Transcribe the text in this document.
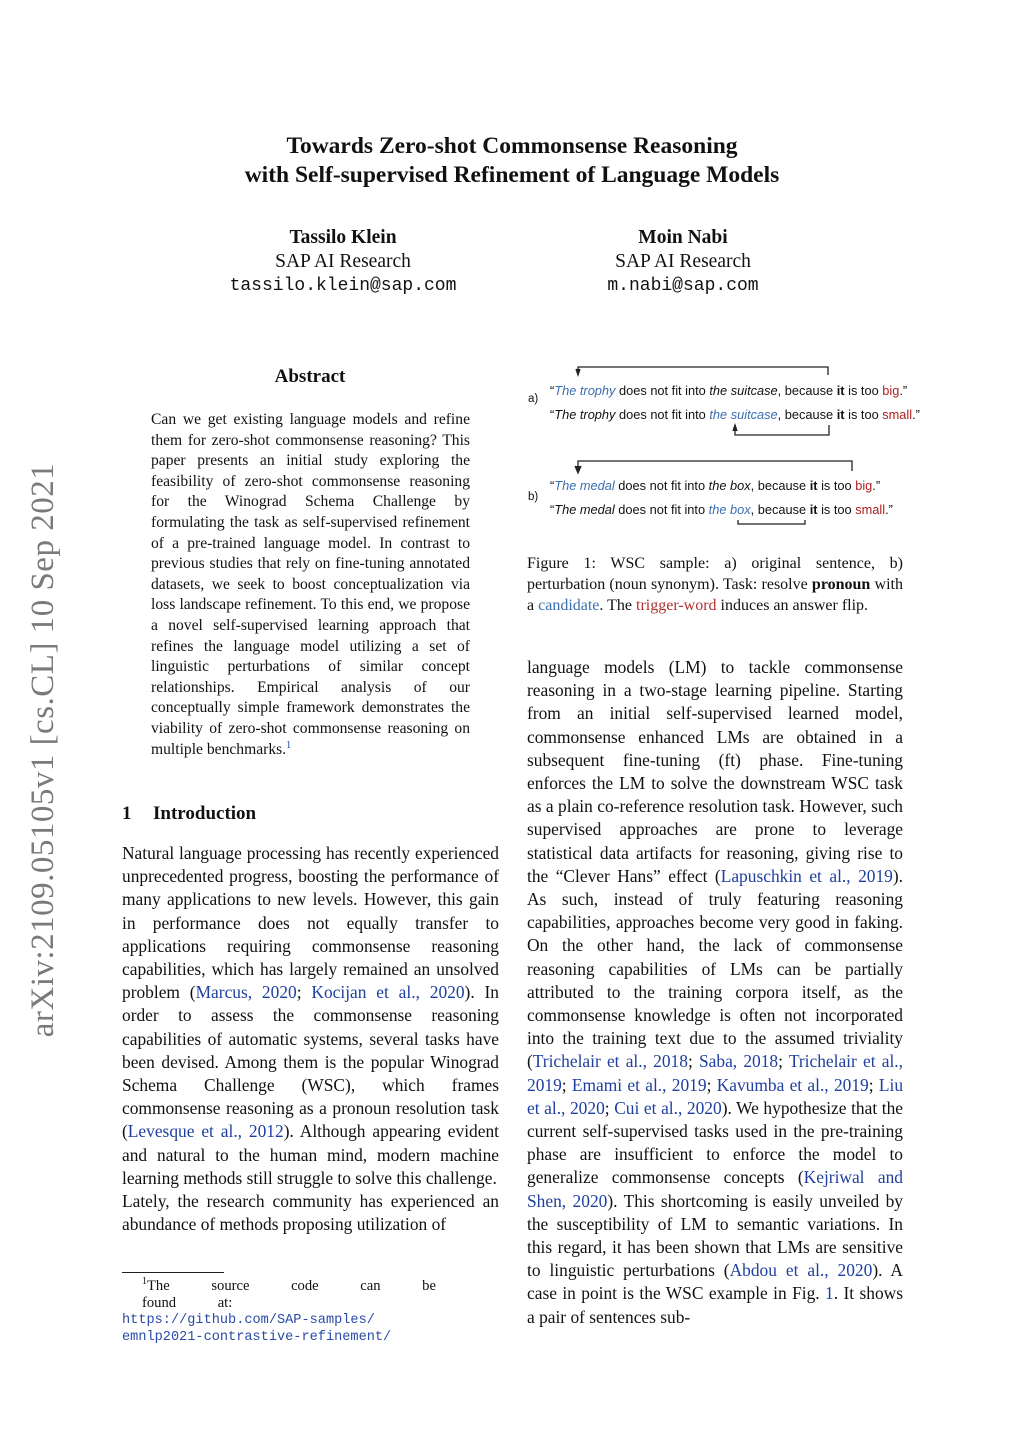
Towards Zero-shot Commonsense Reasoning
with Self-supervised Refinement of Language Models
Tassilo Klein
SAP AI Research
tassilo.klein@sap.com
Moin Nabi
SAP AI Research
m.nabi@sap.com
arXiv:2109.05105v1 [cs.CL] 10 Sep 2021
Abstract
Can we get existing language models and refine them for zero-shot commonsense reasoning? This paper presents an initial study exploring the feasibility of zero-shot commonsense reasoning for the Winograd Schema Challenge by formulating the task as self-supervised refinement of a pre-trained language model. In contrast to previous studies that rely on fine-tuning annotated datasets, we seek to boost conceptualization via loss landscape refinement. To this end, we propose a novel self-supervised learning approach that refines the language model utilizing a set of linguistic perturbations of similar concept relationships. Empirical analysis of our conceptually simple framework demonstrates the viability of zero-shot commonsense reasoning on multiple benchmarks.$^1$
1 Introduction

Natural language processing has recently experienced unprecedented progress, boosting the performance of many applications to new levels. However, this gain in performance does not equally transfer to applications requiring commonsense reasoning capabilities, which has largely remained an unsolved problem (Marcus, 2020; Kocijan et al., 2020). In order to assess the commonsense reasoning capabilities of automatic systems, several tasks have been devised. Among them is the popular Winograd Schema Challenge (WSC), which frames commonsense reasoning as a pronoun resolution task (Levesque et al., 2012). Although appearing evident and natural to the human mind, modern machine learning methods still struggle to solve this challenge.

Lately, the research community has experienced an abundance of methods proposing utilization of

$^1$The source code can be found at:
https://github.com/SAP-samples/
emnlp2021-contrastive-refinement/
a)
“The trophy does not fit into the suitcase, because it is too big.”
“The trophy does not fit into the suitcase, because it is too small.”
b)
“The medal does not fit into the box, because it is too big.”
“The medal does not fit into the box, because it is too small.”
Figure 1: WSC sample: a) original sentence, b) perturbation (noun synonym). Task: resolve pronoun with a candidate. The trigger-word induces an answer flip.

language models (LM) to tackle commonsense reasoning in a two-stage learning pipeline. Starting from an initial self-supervised learned model, commonsense enhanced LMs are obtained in a subsequent fine-tuning (ft) phase. Fine-tuning enforces the LM to solve the downstream WSC task as a plain co-reference resolution task. However, such supervised approaches are prone to leverage statistical data artifacts for reasoning, giving rise to the “Clever Hans” effect (Lapuschkin et al., 2019). As such, instead of truly featuring reasoning capabilities, approaches become very good in faking. On the other hand, the lack of commonsense reasoning capabilities of LMs can be partially attributed to the training corpora itself, as the commonsense knowledge is often not incorporated into the training text due to the assumed triviality (Trichelair et al., 2018; Saba, 2018; Trichelair et al., 2019; Emami et al., 2019; Kavumba et al., 2019; Liu et al., 2020; Cui et al., 2020). We hypothesize that the current self-supervised tasks used in the pre-training phase are insufficient to enforce the model to generalize commonsense concepts (Kejriwal and Shen, 2020). This shortcoming is easily unveiled by the susceptibility of LM to semantic variations. In this regard, it has been shown that LMs are sensitive to linguistic perturbations (Abdou et al., 2020). A case in point is the WSC example in Fig. 1. It shows a pair of sentences sub-
